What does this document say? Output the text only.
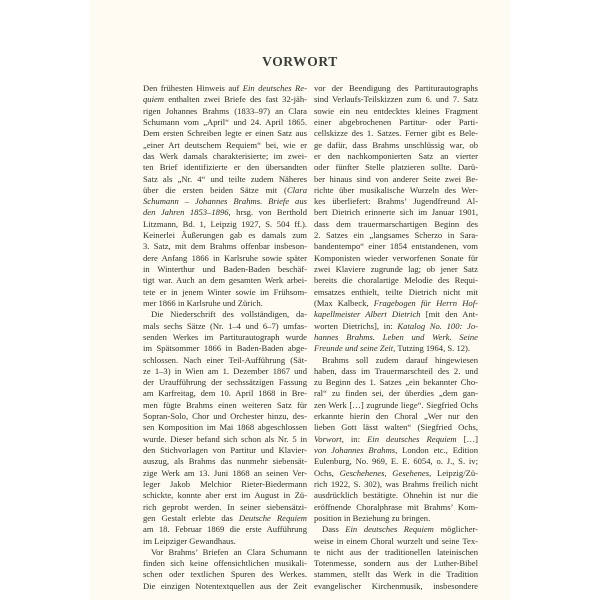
VORWORT
Den frühesten Hinweis auf Ein deutsches Re-
quiem enthalten zwei Briefe des fast 32-jäh-
rigen Johannes Brahms (1833–97) an Clara
Schumann vom „April“ und 24. April 1865.
Dem ersten Schreiben legte er einen Satz aus
„einer Art deutschem Requiem“ bei, wie er
das Werk damals charakterisierte; im zwei-
ten Brief identifizierte er den übersandten
Satz als „Nr. 4“ und teilte zudem Näheres
über die ersten beiden Sätze mit (Clara
Schumann – Johannes Brahms. Briefe aus
den Jahren 1853–1896, hrsg. von Berthold
Litzmann, Bd. 1, Leipzig 1927, S. 504 ff.).
Keinerlei Äußerungen gab es damals zum
3. Satz, mit dem Brahms offenbar insbeson-
dere Anfang 1866 in Karlsruhe sowie später
in Winterthur und Baden-Baden beschäf-
tigt war. Auch an dem gesamten Werk arbei-
tete er in jenem Winter sowie im Frühsom-
mer 1866 in Karlsruhe und Zürich.
Die Niederschrift des vollständigen, da-
mals sechs Sätze (Nr. 1–4 und 6–7) umfas-
senden Werkes im Partiturautograph wurde
im Spätsommer 1866 in Baden-Baden abge-
schlossen. Nach einer Teil-Aufführung (Sät-
ze 1–3) in Wien am 1. Dezember 1867 und
der Uraufführung der sechssätzigen Fassung
am Karfreitag, dem 10. April 1868 in Bre-
men fügte Brahms einen weiteren Satz für
Sopran-Solo, Chor und Orchester hinzu, des-
sen Komposition im Mai 1868 abgeschlossen
wurde. Dieser befand sich schon als Nr. 5 in
den Stichvorlagen von Partitur und Klavier-
auszug, als Brahms das nunmehr siebensät-
zige Werk am 13. Juni 1868 an seinen Ver-
leger Jakob Melchior Rieter-Biedermann
schickte, konnte aber erst im August in Zü-
rich geprobt werden. In seiner siebensätzi-
gen Gestalt erlebte das Deutsche Requiem
am 18. Februar 1869 die erste Aufführung
im Leipziger Gewandhaus.
Vor Brahms’ Briefen an Clara Schumann
finden sich keine offensichtlichen musikali-
schen oder textlichen Spuren des Werkes.
Die einzigen Notentextquellen aus der Zeit
vor der Beendigung des Partiturautographs
sind Verlaufs-Teilskizzen zum 6. und 7. Satz
sowie ein neu entdecktes kleines Fragment
einer abgebrochenen Partitur- oder Parti-
cellskizze des 1. Satzes. Ferner gibt es Bele-
ge dafür, dass Brahms unschlüssig war, ob
er den nachkomponierten Satz an vierter
oder fünfter Stelle platzieren sollte. Darü-
ber hinaus sind von anderer Seite zwei Be-
richte über musikalische Wurzeln des Wer-
kes überliefert: Brahms’ Jugendfreund Al-
bert Dietrich erinnerte sich im Januar 1901,
dass dem trauermarschartigen Beginn des
2. Satzes ein „langsames Scherzo in Sara-
bandentempo“ einer 1854 entstandenen, vom
Komponisten wieder verworfenen Sonate für
zwei Klaviere zugrunde lag; ob jener Satz
bereits die choralartige Melodie des Requi-
emsatzes enthielt, teilte Dietrich nicht mit
(Max Kalbeck, Fragebogen für Herrn Hof-
kapellmeister Albert Dietrich [mit den Ant-
worten Dietrichs], in: Katalog No. 100: Jo-
hannes Brahms. Leben und Werk. Seine
Freunde und seine Zeit, Tutzing 1964, S. 12).
Brahms soll zudem darauf hingewiesen
haben, dass im Trauermarschteil des 2. und
zu Beginn des 1. Satzes „ein bekannter Cho-
ral“ zu finden sei, der überdies „dem gan-
zen Werk […] zugrunde liege“. Siegfried Ochs
erkannte hierin den Choral „Wer nur den
lieben Gott lässt walten“ (Siegfried Ochs,
Vorwort, in: Ein deutsches Requiem […]
von Johannes Brahms, London etc., Edition
Eulenburg, No. 969, E. E. 6054, o. J., S. iv;
Ochs, Geschehenes, Gesehenes, Leipzig/Zü-
rich 1922, S. 302), was Brahms freilich nicht
ausdrücklich bestätigte. Ohnehin ist nur die
eröffnende Choralphrase mit Brahms’ Kom-
position in Beziehung zu bringen.
Dass Ein deutsches Requiem möglicher-
weise in einem Choral wurzelt und seine Tex-
te nicht aus der traditionellen lateinischen
Totenmesse, sondern aus der Luther-Bibel
stammen, stellt das Werk in die Tradition
evangelischer Kirchenmusik, insbesondere
